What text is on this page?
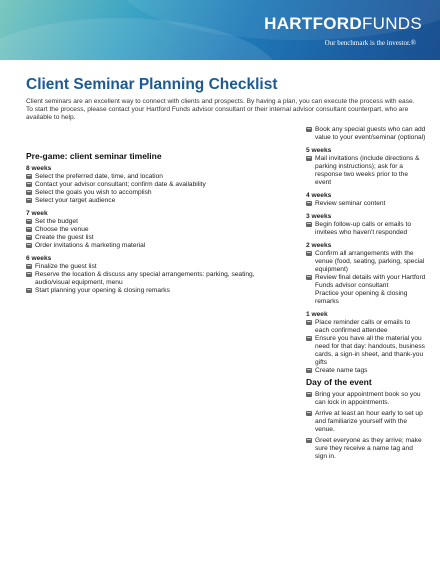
HARTFORDFUNDS
Our benchmark is the investor.®
Client Seminar Planning Checklist

Client seminars are an excellent way to connect with clients and prospects. By having a plan, you can execute the process with ease.

To start the process, please contact your Hartford Funds advisor consultant or their internal advisor consultant counterpart, who are available to help.

Pre-game: client seminar timeline
8 weeks
Select the preferred date, time, and location
Contact your advisor consultant; confirm date & availability
Select the goals you wish to accomplish
Select your target audience
7 week
Set the budget
Choose the venue
Create the guest list
Order invitations & marketing material
6 weeks
Finalize the guest list
Reserve the location & discuss any special arrangements: parking, seating, audio/visual equipment, menu
Start planning your opening & closing remarks
Book any special guests who can add value to your event/seminar (optional)
5 weeks
Mail invitations (include directions & parking instructions); ask for a response two weeks prior to the event
4 weeks
Review seminar content
3 weeks
Begin follow-up calls or emails to invitees who haven't responded
2 weeks
Confirm all arrangements with the venue (food, seating, parking, special equipment)
Review final details with your Hartford Funds advisor consultant
Practice your opening & closing remarks
1 week
Place reminder calls or emails to each confirmed attendee
Ensure you have all the material you need for that day: handouts, business cards, a sign-in sheet, and thank-you gifts
Create name tags
Day of the event
Bring your appointment book so you can lock in appointments.
Arrive at least an hour early to set up and familiarize yourself with the venue.
Greet everyone as they arrive; make sure they receive a name tag and sign in.
